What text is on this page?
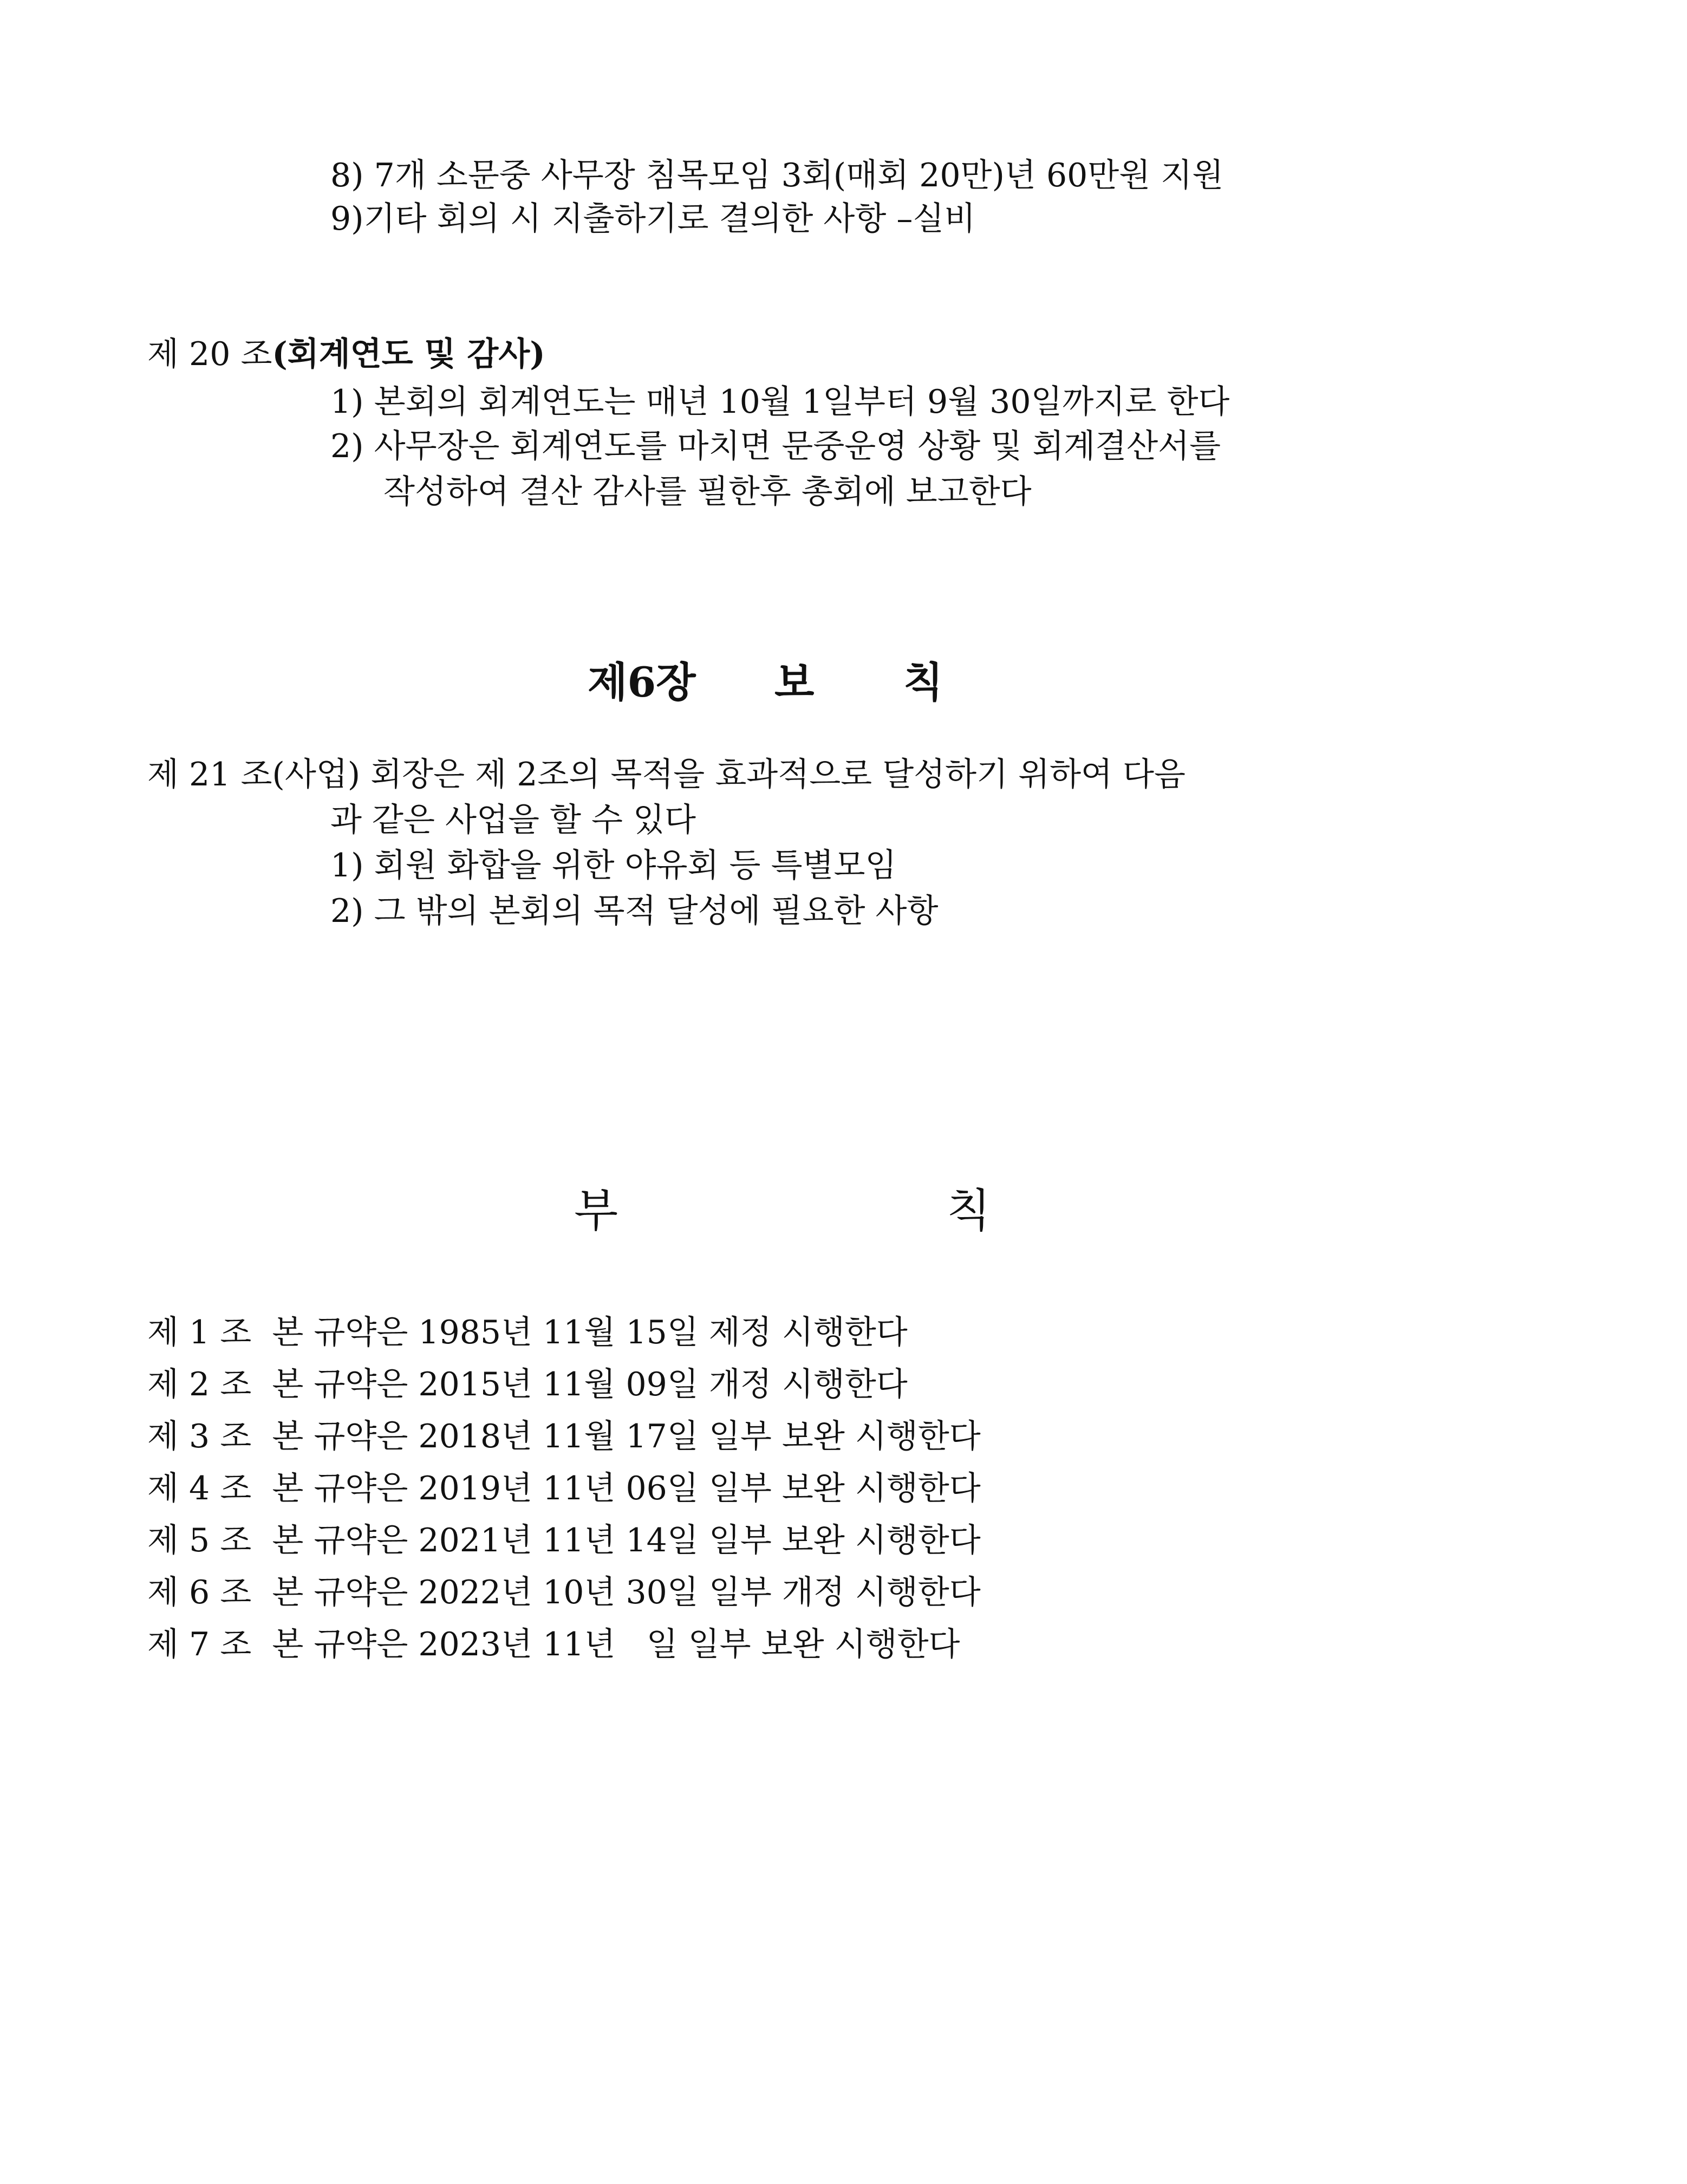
8) 7개 소문중 사무장 침목모임 3회(매회 20만)년 60만원 지원
9)기타 회의 시 지출하기로 결의한 사항 –실비
제 20 조(회계연도 및 감사)
1) 본회의 회계연도는 매년 10월 1일부터 9월 30일까지로 한다
2) 사무장은 회계연도를 마치면 문중운영 상황 및 회계결산서를
작성하여 결산 감사를 필한후 총회에 보고한다
제6장 보 칙
제 21 조(사업) 회장은 제 2조의 목적을 효과적으로 달성하기 위하여 다음
과 같은 사업을 할 수 있다
1) 회원 화합을 위한 야유회 등 특별모임
2) 그 밖의 본회의 목적 달성에 필요한 사항
부	칙
제 1 조 본 규약은 1985년 11월 15일 제정 시행한다
제 2 조 본 규약은 2015년 11월 09일 개정 시행한다
제 3 조 본 규약은 2018년 11월 17일 일부 보완 시행한다
제 4 조 본 규약은 2019년 11년 06일 일부 보완 시행한다
제 5 조 본 규약은 2021년 11년 14일 일부 보완 시행한다
제 6 조 본 규약은 2022년 10년 30일 일부 개정 시행한다
제 7 조 본 규약은 2023년 11년   일 일부 보완 시행한다
